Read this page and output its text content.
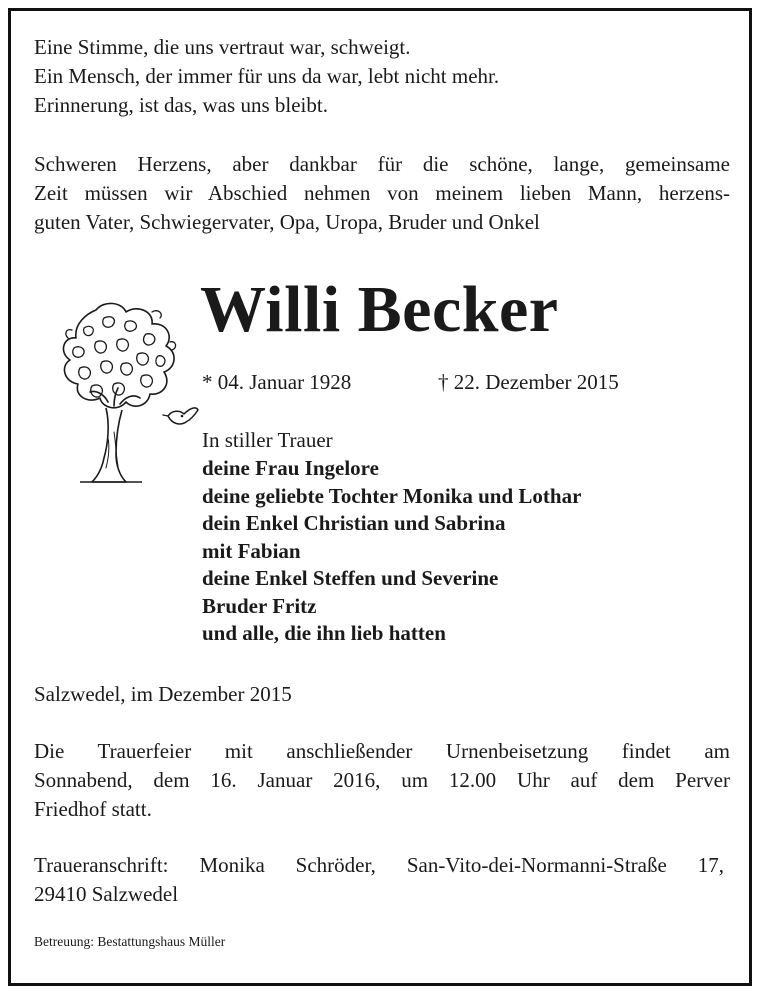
Eine Stimme, die uns vertraut war, schweigt.
Ein Mensch, der immer für uns da war, lebt nicht mehr.
Erinnerung, ist das, was uns bleibt.
Schweren Herzens, aber dankbar für die schöne, lange, gemeinsame
Zeit müssen wir Abschied nehmen von meinem lieben Mann, herzens-
guten Vater, Schwiegervater, Opa, Uropa, Bruder und Onkel
Willi Becker
* 04. Januar 1928	† 22. Dezember 2015
In stiller Trauer
deine Frau Ingelore
deine geliebte Tochter Monika und Lothar
dein Enkel Christian und Sabrina
mit Fabian
deine Enkel Steffen und Severine
Bruder Fritz
und alle, die ihn lieb hatten
Salzwedel, im Dezember 2015
Die Trauerfeier mit anschließender Urnenbeisetzung findet am
Sonnabend, dem 16. Januar 2016, um 12.00 Uhr auf dem Perver
Friedhof statt.
Traueranschrift: Monika Schröder, San-Vito-dei-Normanni-Straße 17,
29410 Salzwedel
Betreuung: Bestattungshaus Müller
